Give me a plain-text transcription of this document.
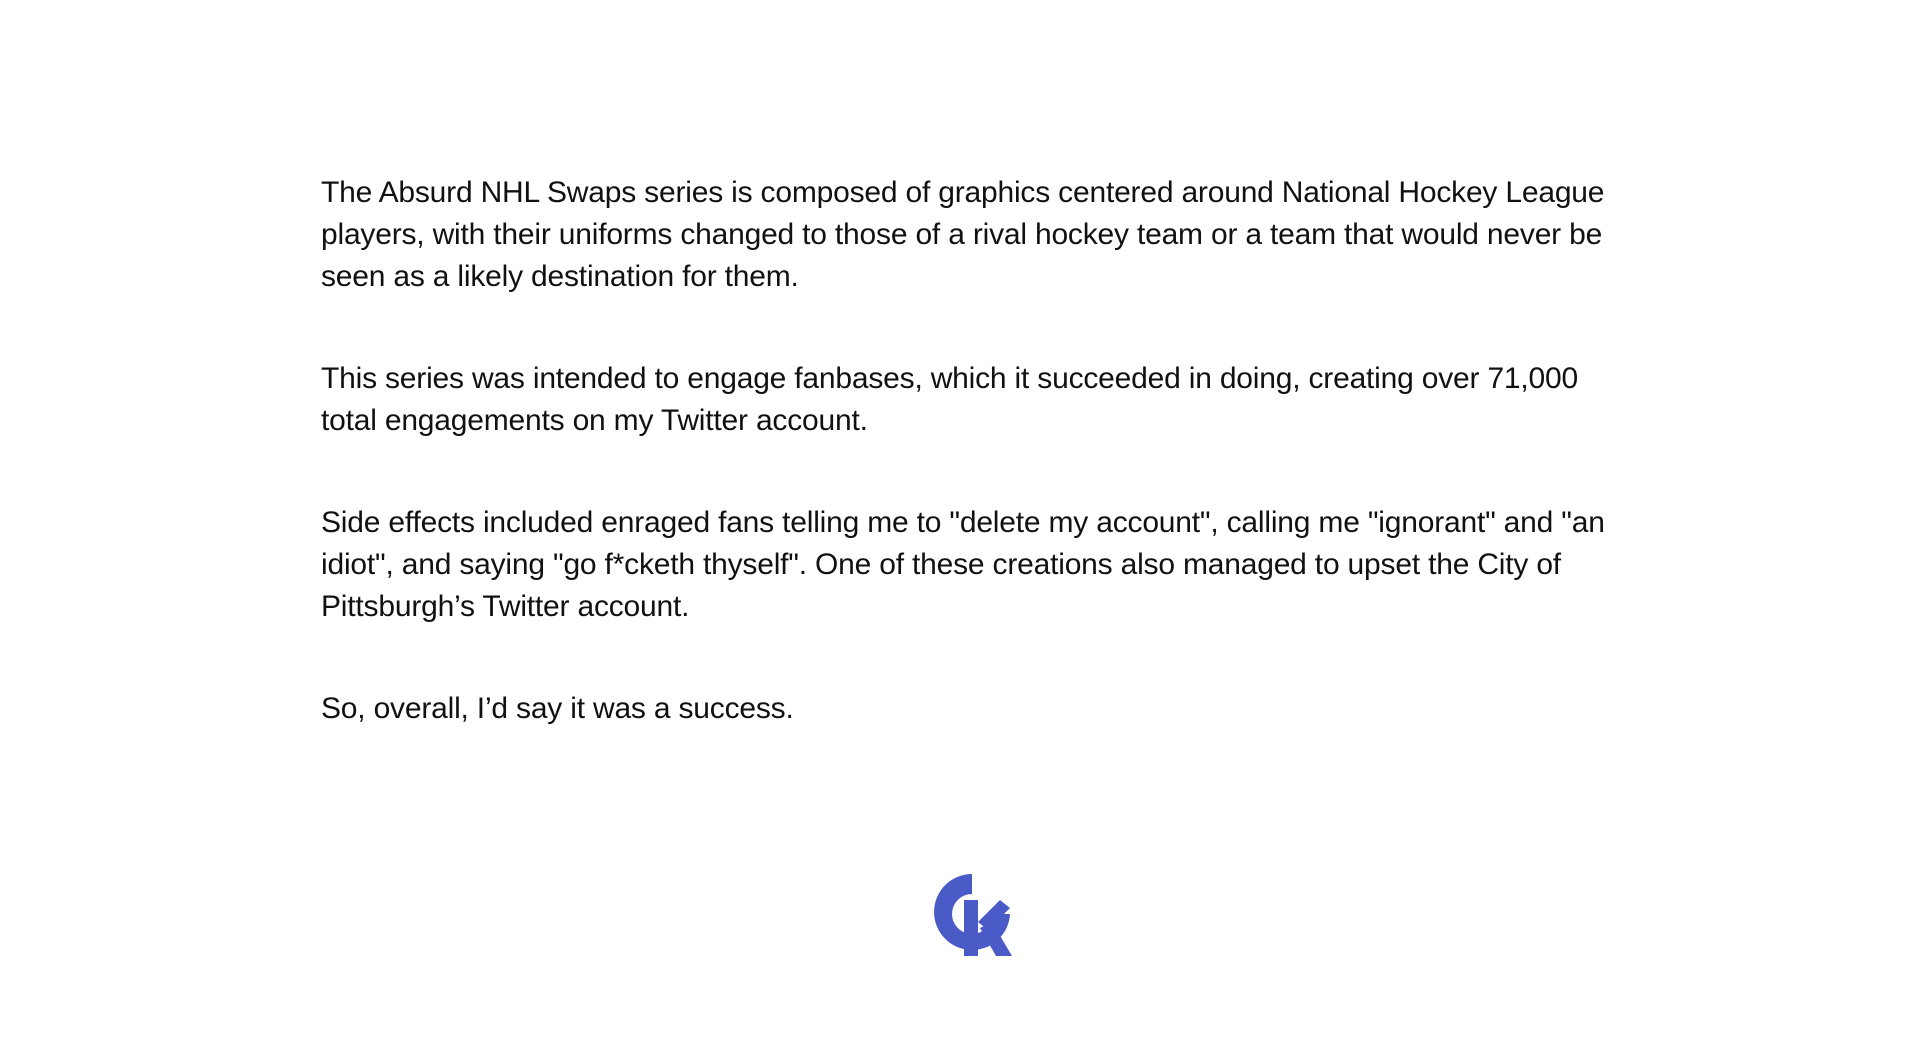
The Absurd NHL Swaps series is composed of graphics centered around National Hockey League players, with their uniforms changed to those of a rival hockey team or a team that would never be seen as a likely destination for them.

This series was intended to engage fanbases, which it succeeded in doing, creating over 71,000 total engagements on my Twitter account.

Side effects included enraged fans telling me to "delete my account", calling me "ignorant" and "an idiot", and saying "go f*cketh thyself". One of these creations also managed to upset the City of Pittsburgh’s Twitter account.

So, overall, I’d say it was a success.
